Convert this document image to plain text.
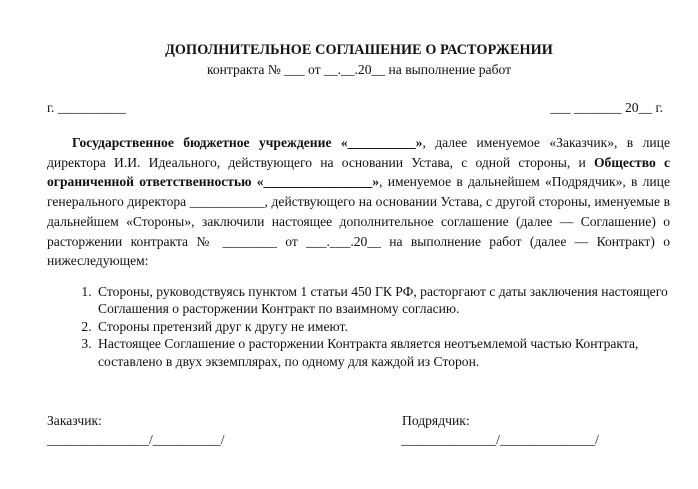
ДОПОЛНИТЕЛЬНОЕ СОГЛАШЕНИЕ О РАСТОРЖЕНИИ
контракта № ___ от __.__.20__ на выполнение работ
г. __________	___ _______ 20__ г.

Государственное бюджетное учреждение «__________», далее именуемое «Заказчик», в лице директора И.И. Идеального, действующего на основании Устава, с одной стороны, и Общество с ограниченной ответственностью «________________», именуемое в дальнейшем «Подрядчик», в лице генерального директора ___________, действующего на основании Устава, с другой стороны, именуемые в дальнейшем «Стороны», заключили настоящее дополнительное соглашение (далее — Соглашение) о расторжении контракта № ________ от ___.___.20__ на выполнение работ (далее — Контракт) о нижеследующем:

1. Стороны, руководствуясь пунктом 1 статьи 450 ГК РФ, расторгают с даты заключения настоящего Соглашения о расторжении Контракт по взаимному согласию.
2. Стороны претензий друг к другу не имеют.
3. Настоящее Соглашение о расторжении Контракта является неотъемлемой частью Контракта, составлено в двух экземплярах, по одному для каждой из Сторон.
Заказчик:	Подрядчик:
_______________/__________/	______________/______________/
